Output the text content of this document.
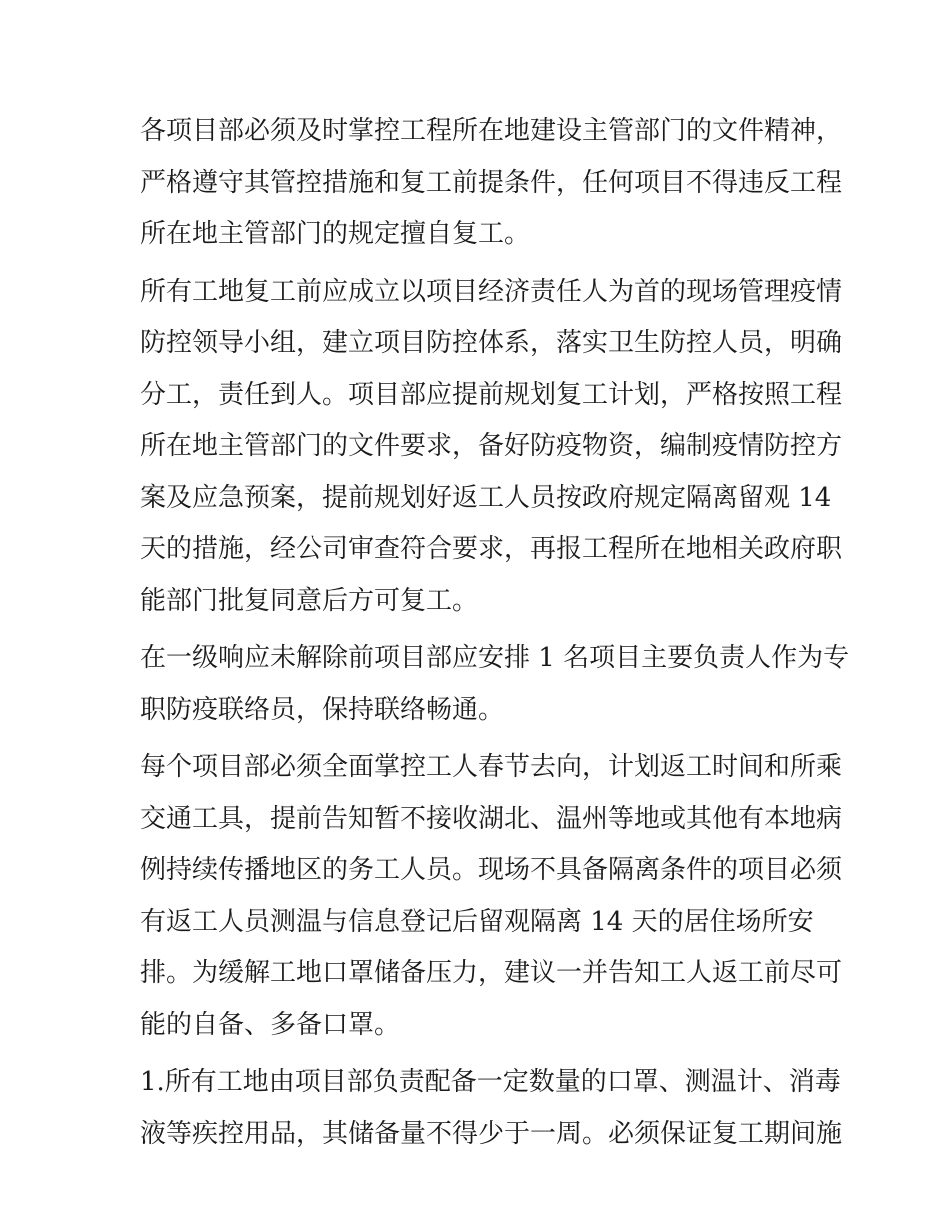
各项目部必须及时掌控工程所在地建设主管部门的文件精神，
严格遵守其管控措施和复工前提条件，任何项目不得违反工程
所在地主管部门的规定擅自复工。

所有工地复工前应成立以项目经济责任人为首的现场管理疫情
防控领导小组，建立项目防控体系，落实卫生防控人员，明确
分工，责任到人。项目部应提前规划复工计划，严格按照工程
所在地主管部门的文件要求，备好防疫物资，编制疫情防控方
案及应急预案，提前规划好返工人员按政府规定隔离留观 14
天的措施，经公司审查符合要求，再报工程所在地相关政府职
能部门批复同意后方可复工。

在一级响应未解除前项目部应安排 1 名项目主要负责人作为专
职防疫联络员，保持联络畅通。

每个项目部必须全面掌控工人春节去向，计划返工时间和所乘
交通工具，提前告知暂不接收湖北、温州等地或其他有本地病
例持续传播地区的务工人员。现场不具备隔离条件的项目必须
有返工人员测温与信息登记后留观隔离 14 天的居住场所安
排。为缓解工地口罩储备压力，建议一并告知工人返工前尽可
能的自备、多备口罩。

1.所有工地由项目部负责配备一定数量的口罩、测温计、消毒
液等疾控用品，其储备量不得少于一周。必须保证复工期间施
